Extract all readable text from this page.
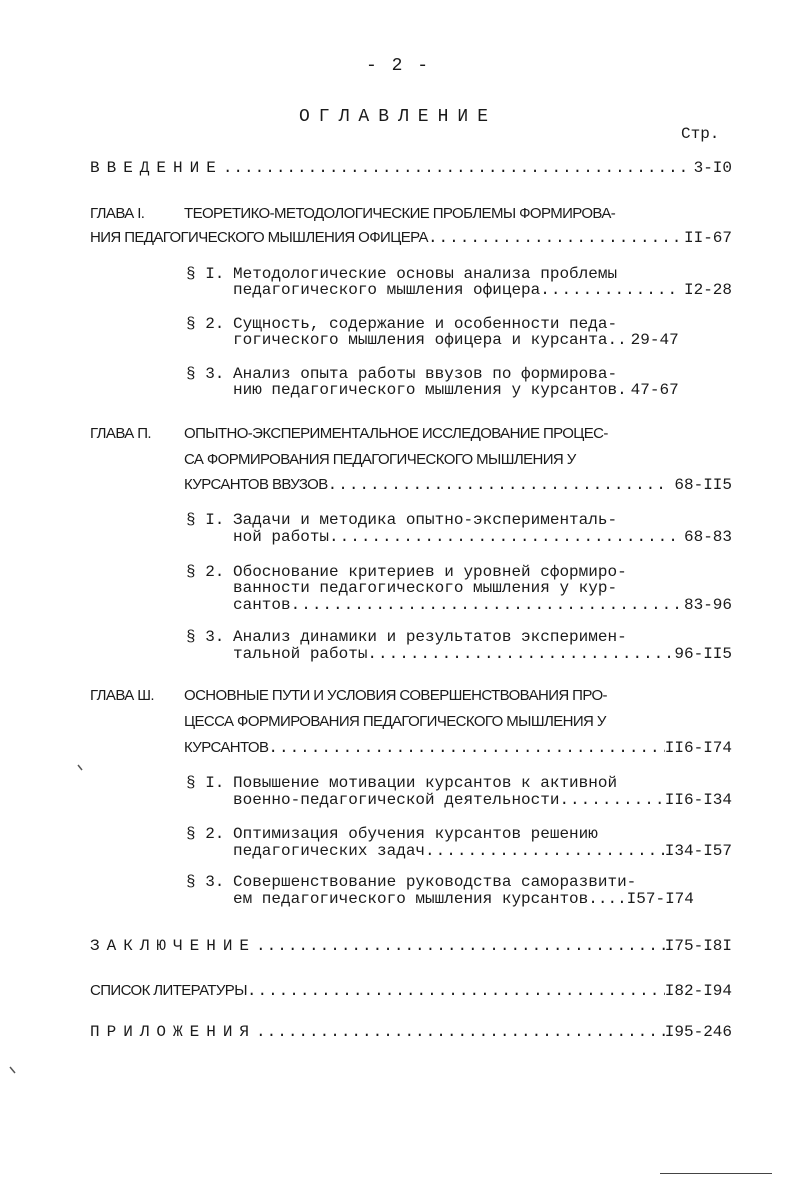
- 2 -
ОГЛАВЛЕНИЕ
Стр.
ВВЕДЕНИЕ .....	3-I0
ГЛАВА I.	ТЕОРЕТИКО-МЕТОДОЛОГИЧЕСКИЕ ПРОБЛЕМЫ ФОРМИРОВА-
НИЯ ПЕДАГОГИЧЕСКОГО МЫШЛЕНИЯ ОФИЦЕРА .....	II-67
§ I. Методологические основы анализа проблемы
педагогического мышления офицера .....	I2-28
§ 2. Сущность, содержание и особенности педа-
гогического мышления офицера и курсанта.. 29-47
§ 3. Анализ опыта работы ввузов по формирова-
нию педагогического мышления у курсантов. 47-67
ГЛАВА П. ОПЫТНО-ЭКСПЕРИМЕНТАЛЬНОЕ ИССЛЕДОВАНИЕ ПРОЦЕС-
СА ФОРМИРОВАНИЯ ПЕДАГОГИЧЕСКОГО МЫШЛЕНИЯ У
КУРСАНТОВ ВВУЗОВ .....	68-II5
§ I. Задачи и методика опытно-эксперименталь-
ной работы .....	68-83
§ 2. Обоснование критериев и уровней сформиро-
ванности педагогического мышления у кур-
сантов .....	83-96
§ 3. Анализ динамики и результатов эксперимен-
тальной работы .....	96-II5
ГЛАВА Ш. ОСНОВНЫЕ ПУТИ И УСЛОВИЯ СОВЕРШЕНСТВОВАНИЯ ПРО-
ЦЕССА ФОРМИРОВАНИЯ ПЕДАГОГИЧЕСКОГО МЫШЛЕНИЯ У
КУРСАНТОВ .....	II6-I74
§ I. Повышение мотивации курсантов к активной
военно-педагогической деятельности .....	II6-I34
§ 2. Оптимизация обучения курсантов решению
педагогических задач .....	I34-I57
§ 3. Совершенствование руководства саморазвити-
ем педагогического мышления курсантов.... I57-I74
ЗАКЛЮЧЕНИЕ .....	I75-I8I
СПИСОК ЛИТЕРАТУРЫ .....	I82-I94
ПРИЛОЖЕНИЯ .....	I95-246
